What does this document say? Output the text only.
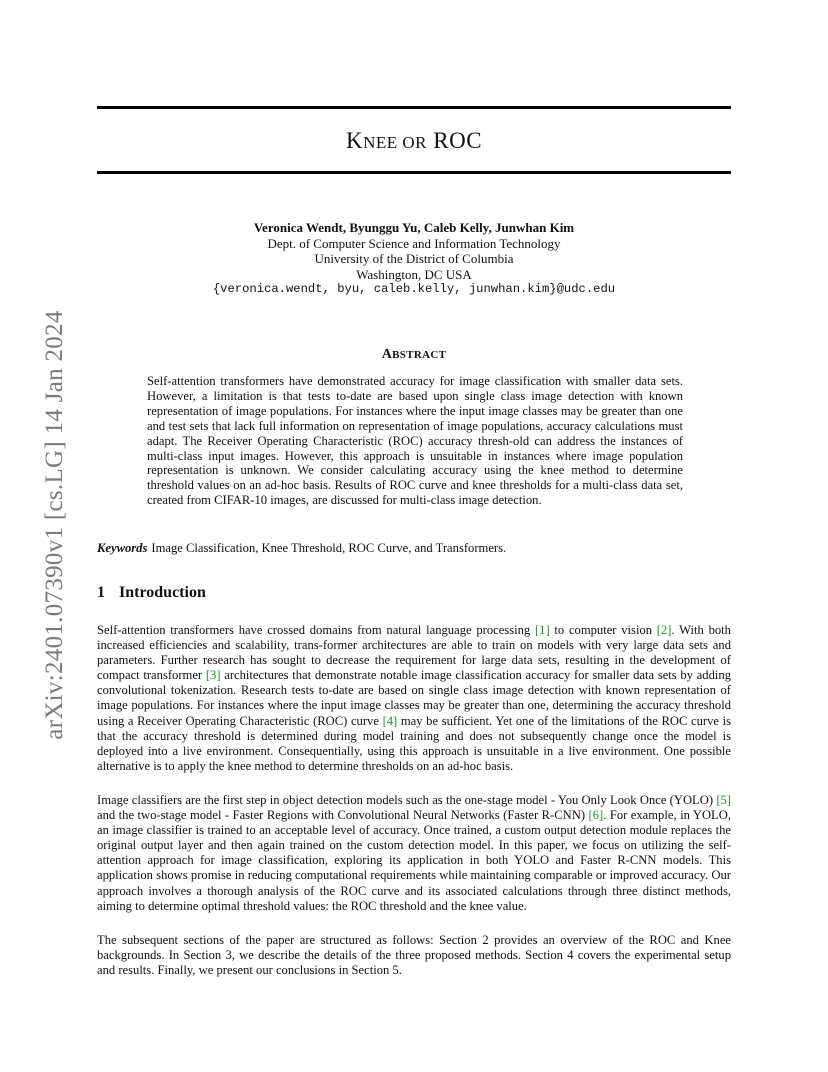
arXiv:2401.07390v1 [cs.LG] 14 Jan 2024
KNEE OR ROC
Veronica Wendt, Byunggu Yu, Caleb Kelly, Junwhan Kim
Dept. of Computer Science and Information Technology
University of the District of Columbia
Washington, DC USA
{veronica.wendt, byu, caleb.kelly, junwhan.kim}@udc.edu
ABSTRACT

Self-attention transformers have demonstrated accuracy for image classification with smaller data sets. However, a limitation is that tests to-date are based upon single class image detection with known representation of image populations. For instances where the input image classes may be greater than one and test sets that lack full information on representation of image populations, accuracy calculations must adapt. The Receiver Operating Characteristic (ROC) accuracy thresh-old can address the instances of multi-class input images. However, this approach is unsuitable in instances where image population representation is unknown. We consider calculating accuracy using the knee method to determine threshold values on an ad-hoc basis. Results of ROC curve and knee thresholds for a multi-class data set, created from CIFAR-10 images, are discussed for multi-class image detection.

Keywords Image Classification, Knee Threshold, ROC Curve, and Transformers.

1 Introduction

Self-attention transformers have crossed domains from natural language processing [1] to computer vision [2]. With both increased efficiencies and scalability, trans-former architectures are able to train on models with very large data sets and parameters. Further research has sought to decrease the requirement for large data sets, resulting in the development of compact transformer [3] architectures that demonstrate notable image classification accuracy for smaller data sets by adding convolutional tokenization. Research tests to-date are based on single class image detection with known representation of image populations. For instances where the input image classes may be greater than one, determining the accuracy threshold using a Receiver Operating Characteristic (ROC) curve [4] may be sufficient. Yet one of the limitations of the ROC curve is that the accuracy threshold is determined during model training and does not subsequently change once the model is deployed into a live environment. Consequentially, using this approach is unsuitable in a live environment. One possible alternative is to apply the knee method to determine thresholds on an ad-hoc basis.

Image classifiers are the first step in object detection models such as the one-stage model - You Only Look Once (YOLO) [5] and the two-stage model - Faster Regions with Convolutional Neural Networks (Faster R-CNN) [6]. For example, in YOLO, an image classifier is trained to an acceptable level of accuracy. Once trained, a custom output detection module replaces the original output layer and then again trained on the custom detection model. In this paper, we focus on utilizing the self-attention approach for image classification, exploring its application in both YOLO and Faster R-CNN models. This application shows promise in reducing computational requirements while maintaining comparable or improved accuracy. Our approach involves a thorough analysis of the ROC curve and its associated calculations through three distinct methods, aiming to determine optimal threshold values: the ROC threshold and the knee value.

The subsequent sections of the paper are structured as follows: Section 2 provides an overview of the ROC and Knee backgrounds. In Section 3, we describe the details of the three proposed methods. Section 4 covers the experimental setup and results. Finally, we present our conclusions in Section 5.
